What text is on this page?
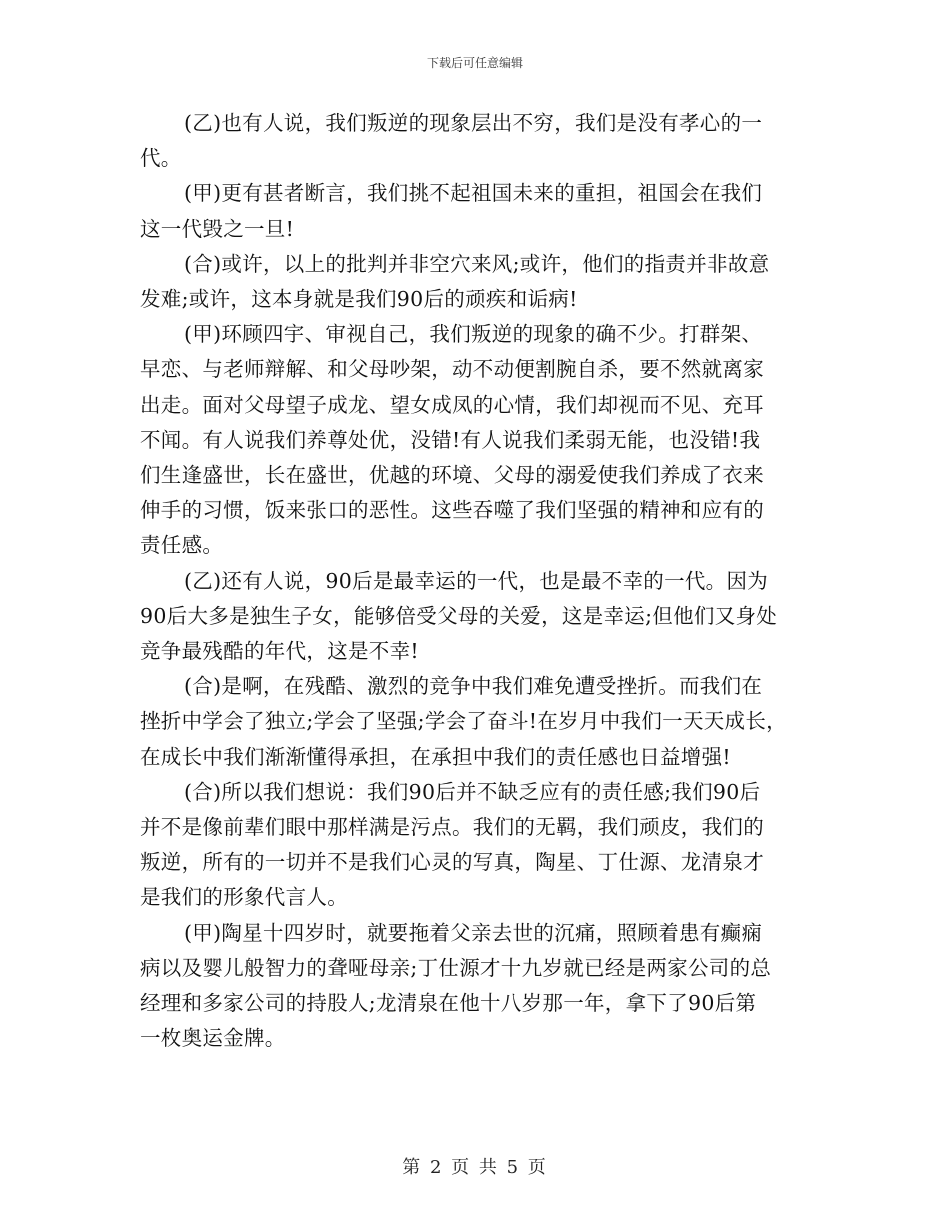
下载后可任意编辑

(乙)也有人说，我们叛逆的现象层出不穷，我们是没有孝心的一
代。

(甲)更有甚者断言，我们挑不起祖国未来的重担，祖国会在我们
这一代毁之一旦!

(合)或许，以上的批判并非空穴来风;或许，他们的指责并非故意
发难;或许，这本身就是我们90后的顽疾和诟病!

(甲)环顾四宇、审视自己，我们叛逆的现象的确不少。打群架、
早恋、与老师辩解、和父母吵架，动不动便割腕自杀，要不然就离家
出走。面对父母望子成龙、望女成凤的心情，我们却视而不见、充耳
不闻。有人说我们养尊处优，没错!有人说我们柔弱无能，也没错!我
们生逢盛世，长在盛世，优越的环境、父母的溺爱使我们养成了衣来
伸手的习惯，饭来张口的恶性。这些吞噬了我们坚强的精神和应有的
责任感。

(乙)还有人说，90后是最幸运的一代，也是最不幸的一代。因为
90后大多是独生子女，能够倍受父母的关爱，这是幸运;但他们又身处
竞争最残酷的年代，这是不幸!

(合)是啊，在残酷、激烈的竞争中我们难免遭受挫折。而我们在
挫折中学会了独立;学会了坚强;学会了奋斗!在岁月中我们一天天成长，
在成长中我们渐渐懂得承担，在承担中我们的责任感也日益增强!

(合)所以我们想说：我们90后并不缺乏应有的责任感;我们90后
并不是像前辈们眼中那样满是污点。我们的无羁，我们顽皮，我们的
叛逆，所有的一切并不是我们心灵的写真，陶星、丁仕源、龙清泉才
是我们的形象代言人。

(甲)陶星十四岁时，就要拖着父亲去世的沉痛，照顾着患有癫痫
病以及婴儿般智力的聋哑母亲;丁仕源才十九岁就已经是两家公司的总
经理和多家公司的持股人;龙清泉在他十八岁那一年，拿下了90后第
一枚奥运金牌。

第 2 页 共 5 页
